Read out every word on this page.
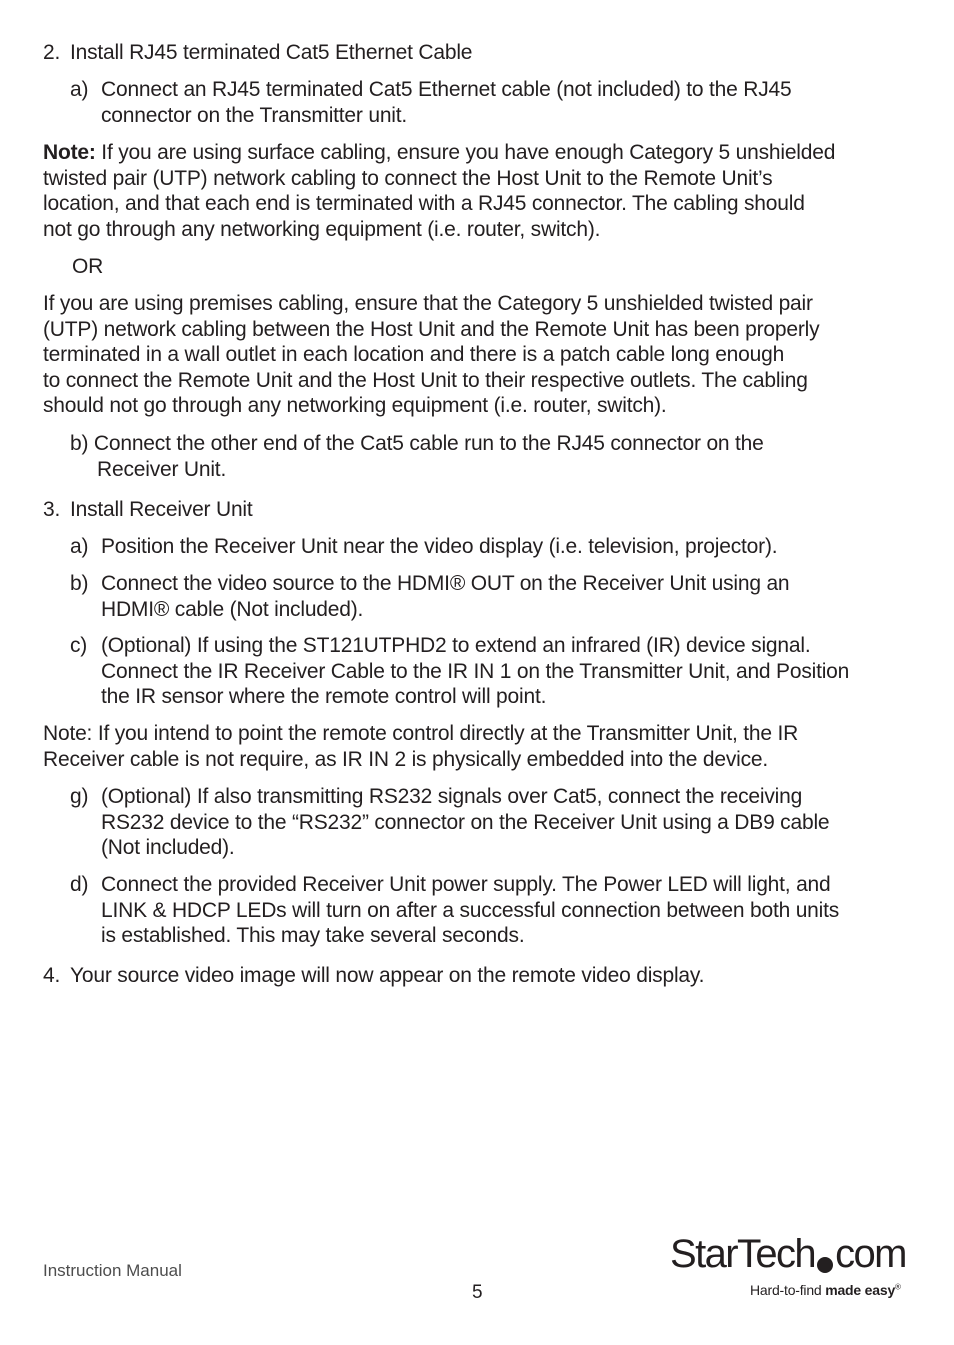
2. Install RJ45 terminated Cat5 Ethernet Cable
a) Connect an RJ45 terminated Cat5 Ethernet cable (not included) to the RJ45
connector on the Transmitter unit.
Note: If you are using surface cabling, ensure you have enough Category 5 unshielded
twisted pair (UTP) network cabling to connect the Host Unit to the Remote Unit’s
location, and that each end is terminated with a RJ45 connector. The cabling should
not go through any networking equipment (i.e. router, switch).
OR
If you are using premises cabling, ensure that the Category 5 unshielded twisted pair
(UTP) network cabling between the Host Unit and the Remote Unit has been properly
terminated in a wall outlet in each location and there is a patch cable long enough
to connect the Remote Unit and the Host Unit to their respective outlets. The cabling
should not go through any networking equipment (i.e. router, switch).
b) Connect the other end of the Cat5 cable run to the RJ45 connector on the
Receiver Unit.
3. Install Receiver Unit
a) Position the Receiver Unit near the video display (i.e. television, projector).
b) Connect the video source to the HDMI® OUT on the Receiver Unit using an
HDMI® cable (Not included).
c) (Optional) If using the ST121UTPHD2 to extend an infrared (IR) device signal.
Connect the IR Receiver Cable to the IR IN 1 on the Transmitter Unit, and Position
the IR sensor where the remote control will point.
Note: If you intend to point the remote control directly at the Transmitter Unit, the IR
Receiver cable is not require, as IR IN 2 is physically embedded into the device.
g) (Optional) If also transmitting RS232 signals over Cat5, connect the receiving
RS232 device to the “RS232” connector on the Receiver Unit using a DB9 cable
(Not included).
d) Connect the provided Receiver Unit power supply. The Power LED will light, and
LINK & HDCP LEDs will turn on after a successful connection between both units
is established. This may take several seconds.
4. Your source video image will now appear on the remote video display.
Instruction Manual
5
StarTech com
Hard-to-find made easy®
